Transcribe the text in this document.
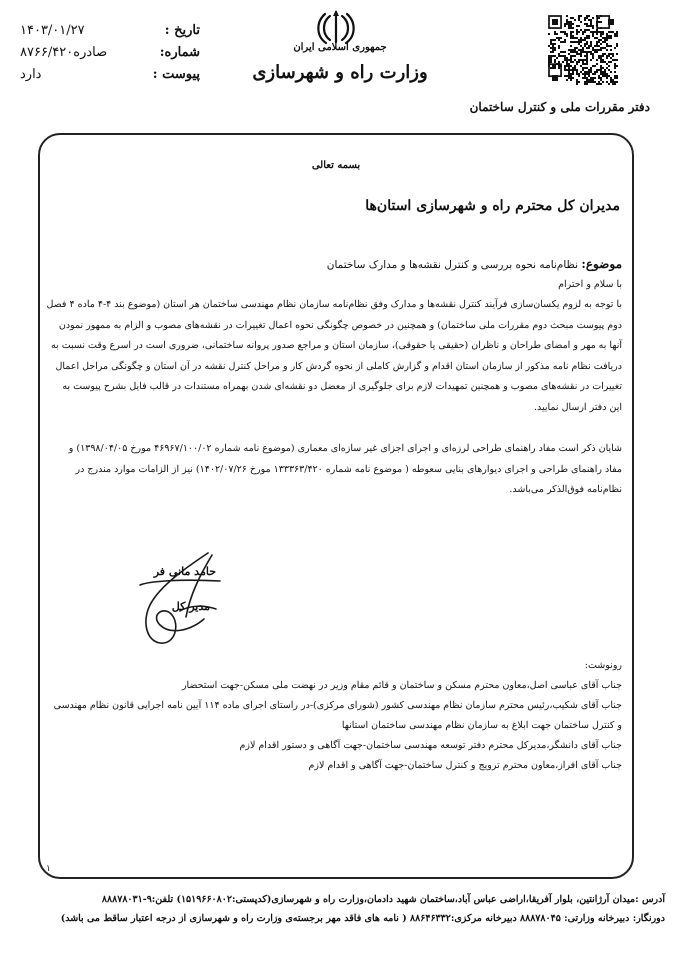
تاریخ :
۱۴۰۳/۰۱/۲۷
شماره:
۸۷۶۶/۴۲۰صادره
پیوست :
دارد
جمهوری اسلامی ایران
وزارت راه و شهرسازی
دفتر مقررات ملی و کنترل ساختمان
بسمه تعالی
مدیران کل محترم راه و شهرسازی استان‌ها
موضوع: نظام‌نامه نحوه بررسی و کنترل نقشه‌ها و مدارک ساختمان
با سلام و احترام
با توجه به لزوم یکسان‌سازی فرآیند کنترل نقشه‌ها و مدارک وفق نظام‌نامه سازمان نظام مهندسی ساختمان هر استان (موضوع بند ۴-۴ ماده ۴ فصل
دوم پیوست مبحث دوم مقررات ملی ساختمان) و همچنین در خصوص چگونگی نحوه اعمال تغییرات در نقشه‌های مصوب و الزام به ممهور نمودن
آنها به مهر و امضای طراحان و ناظران (حقیقی یا حقوقی)، سازمان استان و مراجع صدور پروانه ساختمانی، ضروری است در اسرع وقت نسبت به
دریافت نظام نامه مذکور از سازمان استان اقدام و گزارش کاملی از نحوه گردش کار و مراحل کنترل نقشه در آن استان و چگونگی مراحل اعمال
تغییرات در نقشه‌های مصوب و همچنین تمهیدات لازم برای جلوگیری از معضل دو نقشه‌ای شدن بهمراه مستندات در قالب فایل بشرح پیوست به
این دفتر ارسال نمایید.
شایان ذکر است مفاد راهنمای طراحی لرزه‌ای و اجرای اجزای غیر سازه‌ای معماری (موضوع نامه شماره ۴۶۹۶۷/۱۰۰/۰۲ مورخ ۱۳۹۸/۰۴/۰۵) و
مفاد راهنمای طراحی و اجرای دیوارهای بنایی سعوطه ( موضوع نامه شماره ۱۳۳۳۶۳/۴۲۰ مورخ ۱۴۰۲/۰۷/۲۶) نیز از الزامات موارد مندرج در
نظام‌نامه فوق‌الذکر می‌باشد.
حامد مانی فر
مدیر کل
رونوشت:
جناب آقای عباسی اصل،معاون محترم مسکن و ساختمان و قائم مقام وزیر در نهضت ملی مسکن-جهت استحضار
جناب آقای شکیب،رئیس محترم سازمان نظام مهندسی کشور (شورای مرکزی)-در راستای اجرای ماده ۱۱۴ آیین نامه اجرایی قانون نظام مهندسی
و کنترل ساختمان جهت ابلاغ به سازمان نظام مهندسی ساختمان استانها
جناب آقای دانشگر،مدیرکل محترم دفتر توسعه مهندسی ساختمان-جهت آگاهی و دستور اقدام لازم
جناب آقای افراز،معاون محترم ترویج و کنترل ساختمان-جهت آگاهی و اقدام لازم
۱
آدرس :میدان آرژانتین، بلوار آفریقا،اراضی عباس آباد،ساختمان شهید دادمان،وزارت راه و شهرسازی(کدپستی:۱۵۱۹۶۶۰۸۰۲) تلفن:۹-۸۸۸۷۸۰۳۱
دورنگار: دبیرخانه وزارتی: ۸۸۸۷۸۰۴۵ دبیرخانه مرکزی:۸۸۶۴۶۳۳۲ ( نامه های فاقد مهر برجسته‌ی وزارت راه و شهرسازی از درجه اعتبار ساقط می باشد)
